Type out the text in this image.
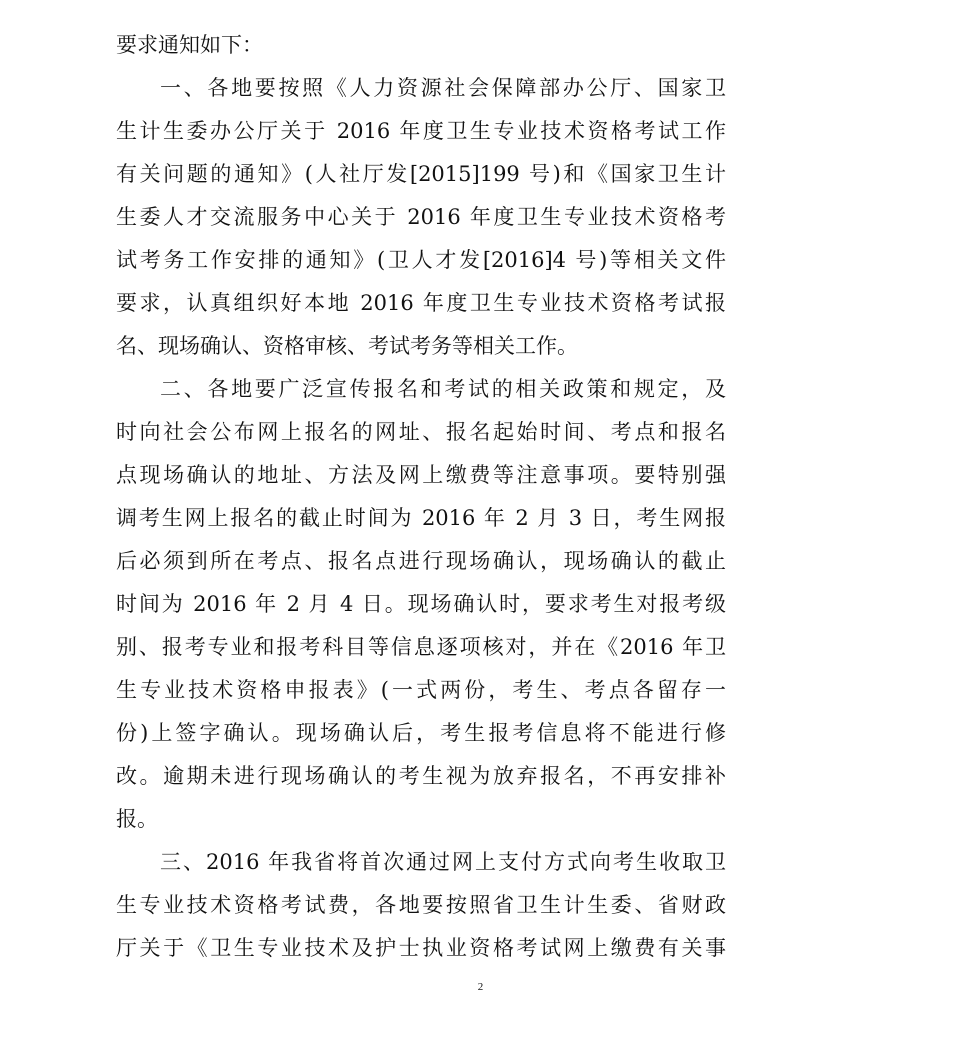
要求通知如下：
一、各地要按照《人力资源社会保障部办公厅、国家卫
生计生委办公厅关于 2016 年度卫生专业技术资格考试工作
有关问题的通知》(人社厅发[2015]199 号)和《国家卫生计
生委人才交流服务中心关于 2016 年度卫生专业技术资格考
试考务工作安排的通知》(卫人才发[2016]4 号)等相关文件
要求，认真组织好本地 2016 年度卫生专业技术资格考试报
名、现场确认、资格审核、考试考务等相关工作。
二、各地要广泛宣传报名和考试的相关政策和规定，及
时向社会公布网上报名的网址、报名起始时间、考点和报名
点现场确认的地址、方法及网上缴费等注意事项。要特别强
调考生网上报名的截止时间为 2016 年 2 月 3 日，考生网报
后必须到所在考点、报名点进行现场确认，现场确认的截止
时间为 2016 年 2 月 4 日。现场确认时，要求考生对报考级
别、报考专业和报考科目等信息逐项核对，并在《2016 年卫
生专业技术资格申报表》(一式两份，考生、考点各留存一
份)上签字确认。现场确认后，考生报考信息将不能进行修
改。逾期未进行现场确认的考生视为放弃报名，不再安排补
报。
三、2016 年我省将首次通过网上支付方式向考生收取卫
生专业技术资格考试费，各地要按照省卫生计生委、省财政
厅关于《卫生专业技术及护士执业资格考试网上缴费有关事
2
